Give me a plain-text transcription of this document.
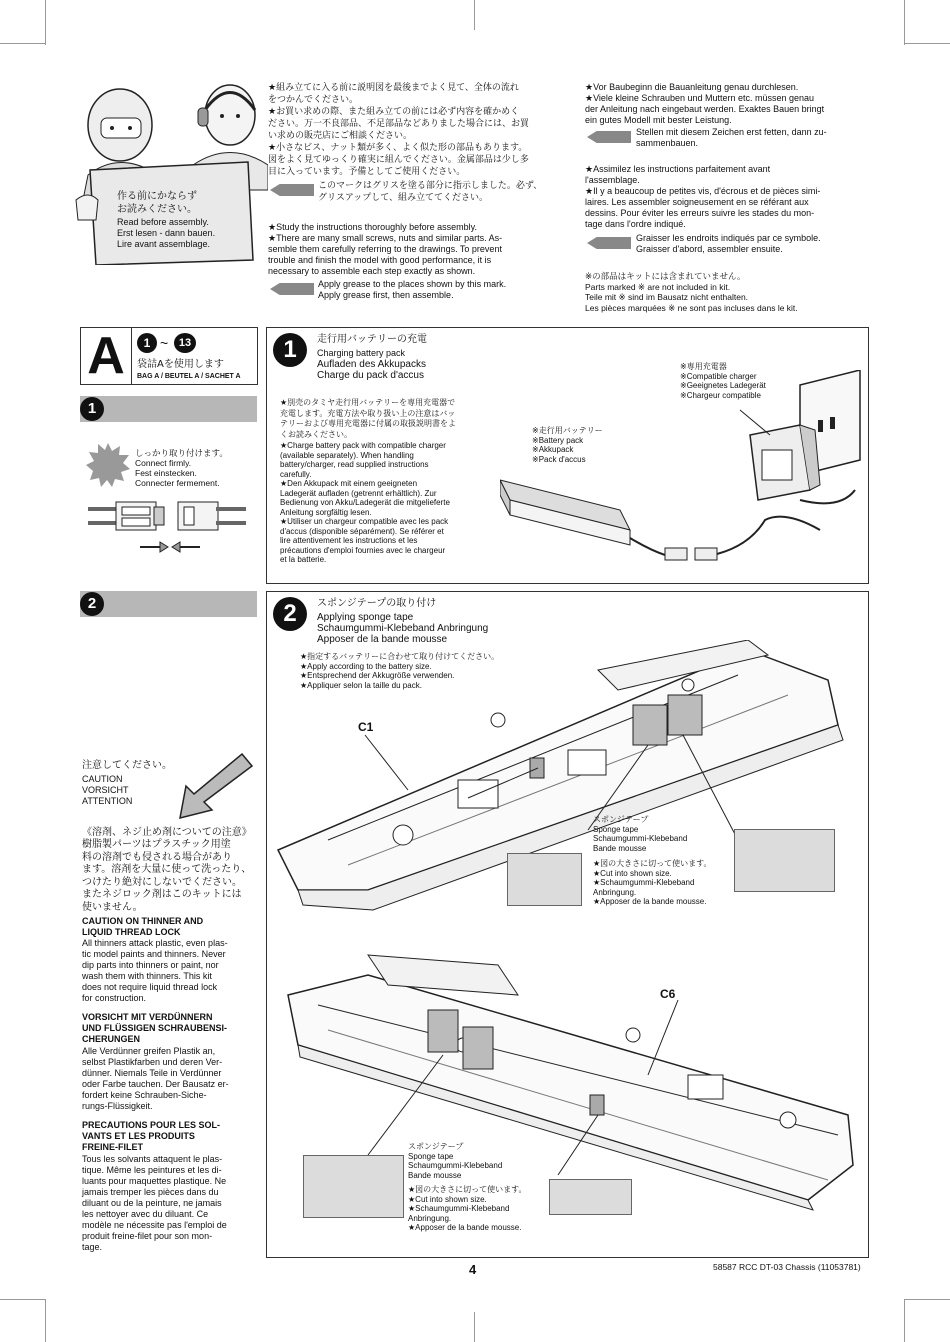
作る前にかならず
お読みください。
Read before assembly.
Erst lesen - dann bauen.
Lire avant assemblage.
★組み立てに入る前に説明図を最後までよく見て、全体の流れ
をつかんでください。
★お買い求めの際、また組み立ての前には必ず内容を確かめく
ださい。万一不良部品、不足部品などありました場合には、お買
い求めの販売店にご相談ください。
★小さなビス、ナット類が多く、よく似た形の部品もあります。
図をよく見てゆっくり確実に組んでください。金属部品は少し多
目に入っています。予備としてご使用ください。
このマークはグリスを塗る部分に指示しました。必ず、
グリスアップして、組み立ててください。
★Study the instructions thoroughly before assembly.
★There are many small screws, nuts and similar parts. As-
semble them carefully referring to the drawings. To prevent
trouble and finish the model with good performance, it is
necessary to assemble each step exactly as shown.
Apply grease to the places shown by this mark.
Apply grease first, then assemble.
★Vor Baubeginn die Bauanleitung genau durchlesen.
★Viele kleine Schrauben und Muttern etc. müssen genau
der Anleitung nach eingebaut werden. Exaktes Bauen bringt
ein gutes Modell mit bester Leistung.
Stellen mit diesem Zeichen erst fetten, dann zu-
sammenbauen.
★Assimilez les instructions parfaitement avant
l'assemblage.
★Il y a beaucoup de petites vis, d'écrous et de pièces simi-
laires. Les assembler soigneusement en se référant aux
dessins. Pour éviter les erreurs suivre les stades du mon-
tage dans l'ordre indiqué.
Graisser les endroits indiqués par ce symbole.
Graisser d'abord, assembler ensuite.
※の部品はキットには含まれていません。
Parts marked ※ are not included in kit.
Teile mit ※ sind im Bausatz nicht enthalten.
Les pièces marquées ※ ne sont pas incluses dans le kit.
A	1 ~ 13
袋詰Aを使用します
BAG A / BEUTEL A / SACHET A
1
しっかり取り付けます。
Connect firmly.
Fest einstecken.
Connecter fermement.
1	走行用バッテリーの充電
Charging battery pack
Aufladen des Akkupacks
Charge du pack d'accus
★別売のタミヤ走行用バッテリーを専用充電器で
充電します。充電方法や取り扱い上の注意はバッ
テリーおよび専用充電器に付属の取扱説明書をよ
くお読みください。
★Charge battery pack with compatible charger
(available separately). When handling
battery/charger, read supplied instructions
carefully.
★Den Akkupack mit einem geeigneten
Ladegerät aufladen (getrennt erhältlich). Zur
Bedienung von Akku/Ladegerät die mitgelieferte
Anleitung sorgfältig lesen.
★Utiliser un chargeur compatible avec les pack
d'accus (disponible séparément). Se référer et
lire attentivement les instructions et les
précautions d'emploi fournies avec le chargeur
et la batterie.
※走行用バッテリー
※Battery pack
※Akkupack
※Pack d'accus
※専用充電器
※Compatible charger
※Geeignetes Ladegerät
※Chargeur compatible
2
注意してください。
CAUTION
VORSICHT
ATTENTION
《溶剤、ネジ止め剤についての注意》
樹脂製パーツはプラスチック用塗
料の溶剤でも侵される場合があり
ます。溶剤を大量に使って洗ったり、
つけたり絶対にしないでください。
またネジロック剤はこのキットには
使いません。
CAUTION ON THINNER AND
LIQUID THREAD LOCK
All thinners attack plastic, even plas-
tic model paints and thinners. Never
dip parts into thinners or paint, nor
wash them with thinners. This kit
does not require liquid thread lock
for construction.
VORSICHT MIT VERDÜNNERN
UND FLÜSSIGEN SCHRAUBENSI-
CHERUNGEN
Alle Verdünner greifen Plastik an,
selbst Plastikfarben und deren Ver-
dünner. Niemals Teile in Verdünner
oder Farbe tauchen. Der Bausatz er-
fordert keine Schrauben-Siche-
rungs-Flüssigkeit.
PRECAUTIONS POUR LES SOL-
VANTS ET LES PRODUITS
FREINE-FILET
Tous les solvants attaquent le plas-
tique. Même les peintures et les di-
luants pour maquettes plastique. Ne
jamais tremper les pièces dans du
diluant ou de la peinture, ne jamais
les nettoyer avec du diluant. Ce
modèle ne nécessite pas l'emploi de
produit freine-filet pour son mon-
tage.
2	スポンジテープの取り付け
Applying sponge tape
Schaumgummi-Klebeband Anbringung
Apposer de la bande mousse
★指定するバッテリーに合わせて取り付けてください。
★Apply according to the battery size.
★Entsprechend der Akkugröße verwenden.
★Appliquer selon la taille du pack.
C1
スポンジテープ
Sponge tape
Schaumgummi-Klebeband
Bande mousse
★図の大きさに切って使います。
★Cut into shown size.
★Schaumgummi-Klebeband
Anbringung.
★Apposer de la bande mousse.
C6
スポンジテープ
Sponge tape
Schaumgummi-Klebeband
Bande mousse
★図の大きさに切って使います。
★Cut into shown size.
★Schaumgummi-Klebeband
Anbringung.
★Apposer de la bande mousse.
4	58587 RCC DT-03 Chassis (11053781)
